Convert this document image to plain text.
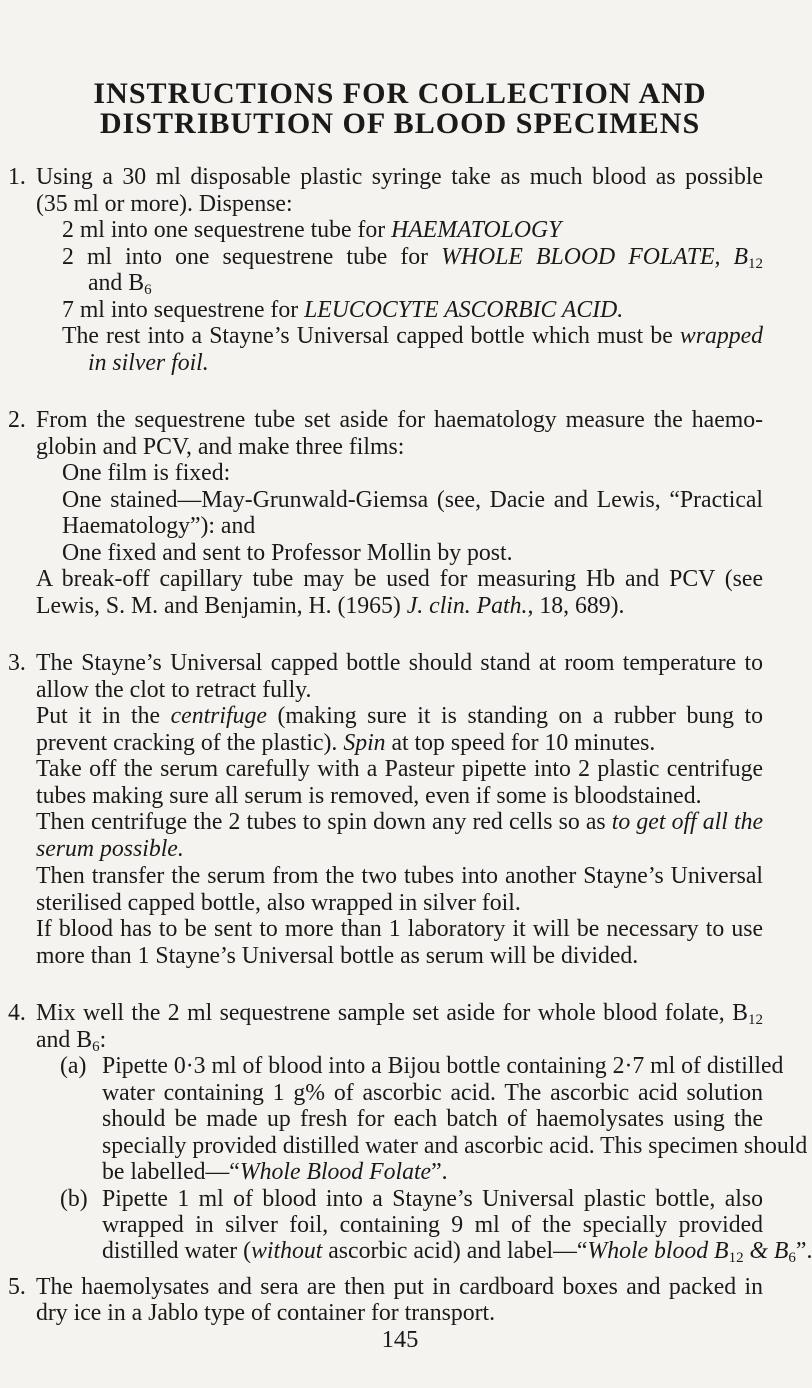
INSTRUCTIONS FOR COLLECTION AND
DISTRIBUTION OF BLOOD SPECIMENS
1. Using a 30 ml disposable plastic syringe take as much blood as possible
(35 ml or more). Dispense:
2 ml into one sequestrene tube for HAEMATOLOGY
2 ml into one sequestrene tube for WHOLE BLOOD FOLATE, $B_{12}$
and $B_6$
7 ml into sequestrene for LEUCOCYTE ASCORBIC ACID.
The rest into a Stayne’s Universal capped bottle which must be wrapped
in silver foil.
2. From the sequestrene tube set aside for haematology measure the haemo-
globin and PCV, and make three films:
One film is fixed:
One stained—May-Grunwald-Giemsa (see, Dacie and Lewis, “Practical
Haematology”): and
One fixed and sent to Professor Mollin by post.
A break-off capillary tube may be used for measuring Hb and PCV (see
Lewis, S. M. and Benjamin, H. (1965) J. clin. Path., 18, 689).
3. The Stayne’s Universal capped bottle should stand at room temperature to
allow the clot to retract fully.
Put it in the centrifuge (making sure it is standing on a rubber bung to
prevent cracking of the plastic). Spin at top speed for 10 minutes.
Take off the serum carefully with a Pasteur pipette into 2 plastic centrifuge
tubes making sure all serum is removed, even if some is bloodstained.
Then centrifuge the 2 tubes to spin down any red cells so as to get off all the
serum possible.
Then transfer the serum from the two tubes into another Stayne’s Universal
sterilised capped bottle, also wrapped in silver foil.
If blood has to be sent to more than 1 laboratory it will be necessary to use
more than 1 Stayne’s Universal bottle as serum will be divided.
4. Mix well the 2 ml sequestrene sample set aside for whole blood folate, $B_{12}$
and $B_6$:
(a) Pipette 0·3 ml of blood into a Bijou bottle containing 2·7 ml of distilled
water containing 1 g% of ascorbic acid. The ascorbic acid solution
should be made up fresh for each batch of haemolysates using the
specially provided distilled water and ascorbic acid. This specimen should
be labelled—“Whole Blood Folate”.
145
(b) Pipette 1 ml of blood into a Stayne’s Universal plastic bottle, also
wrapped in silver foil, containing 9 ml of the specially provided
distilled water (without ascorbic acid) and label—“Whole blood $B_{12}$ & $B_6$”.
5. The haemolysates and sera are then put in cardboard boxes and packed in
dry ice in a Jablo type of container for transport.
